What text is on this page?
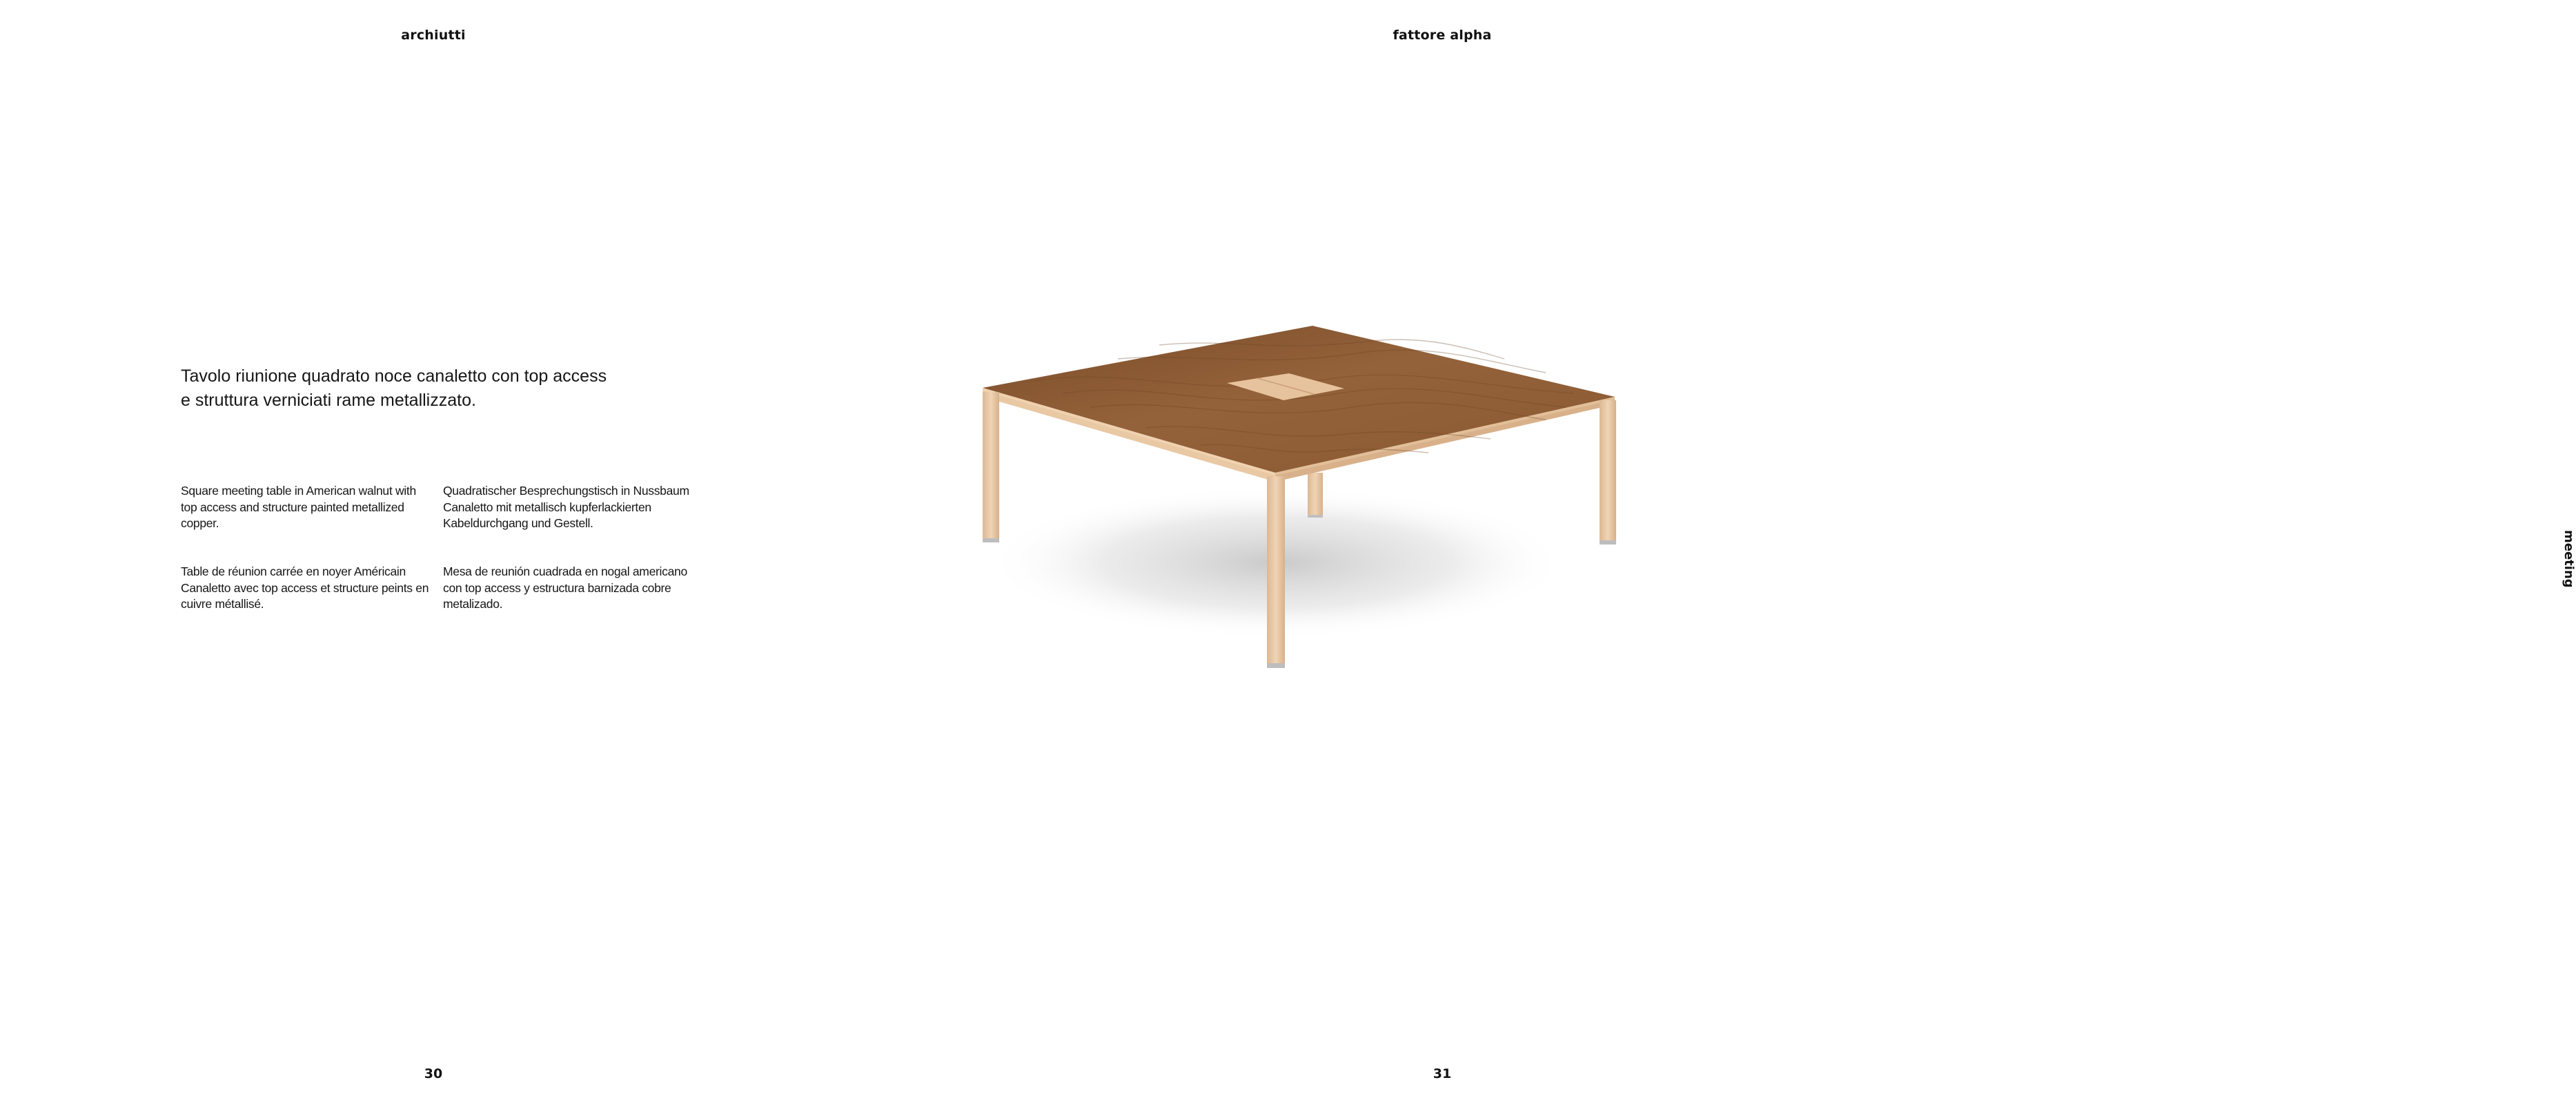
archiutti

Tavolo riunione quadrato noce canaletto con top access e struttura verniciati rame metallizzato.

Square meeting table in American walnut with top access and structure painted metallized copper.
Quadratischer Besprechungstisch in Nussbaum Canaletto mit metallisch kupferlackierten Kabeldurchgang und Gestell.
Table de réunion carrée en noyer Américain Canaletto avec top access et structure peints en cuivre métallisé.
Mesa de reunión cuadrada en nogal americano con top access y estructura barnizada cobre metalizado.
30
fattore alpha
meeting
31
